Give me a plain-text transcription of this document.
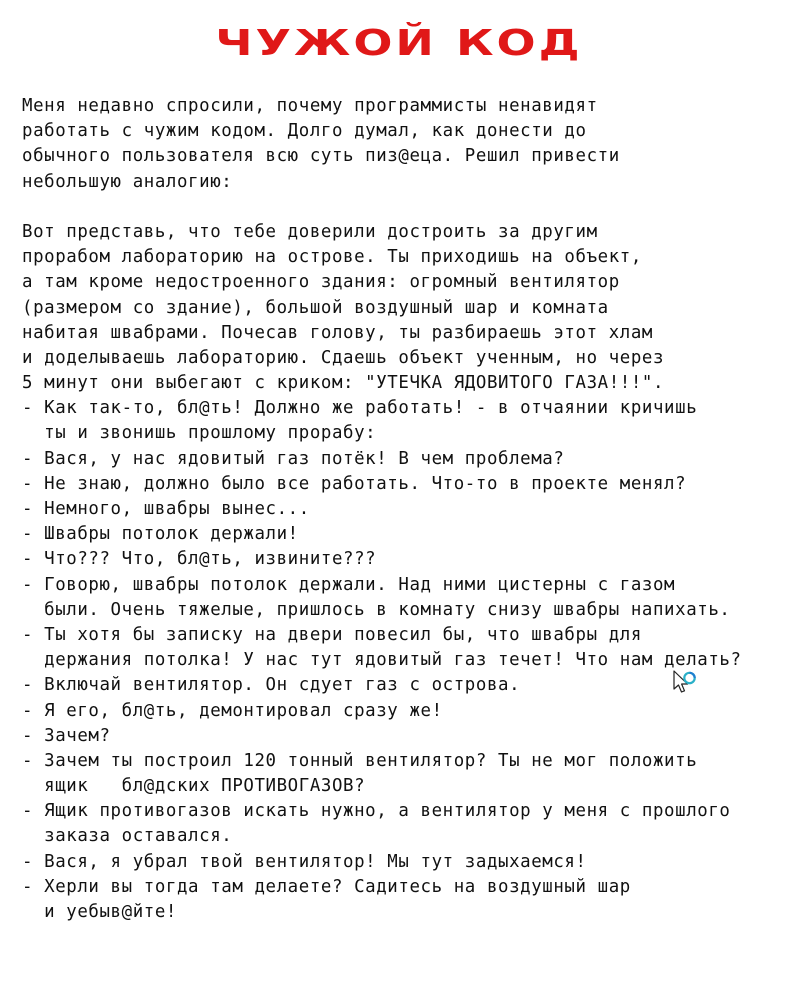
ЧУЖОЙ КОД
Меня недавно спросили, почему программисты ненавидят
работать с чужим кодом. Долго думал, как донести до
обычного пользователя всю суть пиз@еца. Решил привести
небольшую аналогию:
Вот представь, что тебе доверили достроить за другим
прорабом лабораторию на острове. Ты приходишь на объект,
а там кроме недостроенного здания: огромный вентилятор
(размером со здание), большой воздушный шар и комната
набитая швабрами. Почесав голову, ты разбираешь этот хлам
и доделываешь лабораторию. Сдаешь объект ученным, но через
5 минут они выбегают с криком: "УТЕЧКА ЯДОВИТОГО ГАЗА!!!".
- Как так-то, бл@ть! Должно же работать! - в отчаянии кричишь
ты и звонишь прошлому прорабу:
- Вася, у нас ядовитый газ потёк! В чем проблема?
- Не знаю, должно было все работать. Что-то в проекте менял?
- Немного, швабры вынес...
- Швабры потолок держали!
- Что??? Что, бл@ть, извините???
- Говорю, швабры потолок держали. Над ними цистерны с газом
были. Очень тяжелые, пришлось в комнату снизу швабры напихать.
- Ты хотя бы записку на двери повесил бы, что швабры для
держания потолка! У нас тут ядовитый газ течет! Что нам делать?
- Включай вентилятор. Он сдует газ с острова.
- Я его, бл@ть, демонтировал сразу же!
- Зачем?
- Зачем ты построил 120 тонный вентилятор? Ты не мог положить
ящик   бл@дских ПРОТИВОГАЗОВ?
- Ящик противогазов искать нужно, а вентилятор у меня с прошлого
заказа оставался.
- Вася, я убрал твой вентилятор! Мы тут задыхаемся!
- Херли вы тогда там делаете? Садитесь на воздушный шар
и уебыв@йте!
